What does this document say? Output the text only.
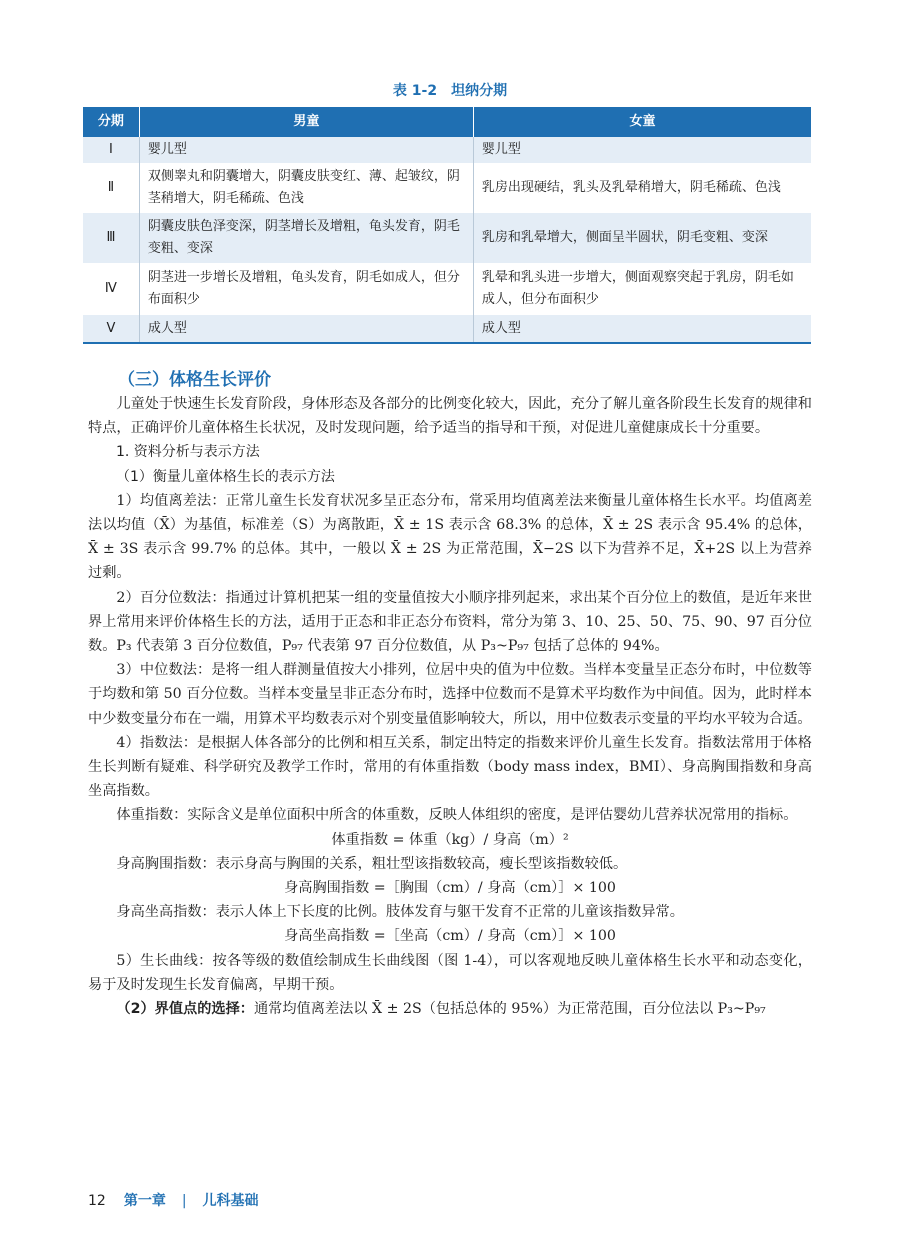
表 1-2　坦纳分期
分期	男童	女童
Ⅰ	婴儿型	婴儿型
Ⅱ	双侧睾丸和阴囊增大，阴囊皮肤变红、薄、起皱纹，阴茎稍增大，阴毛稀疏、色浅	乳房出现硬结，乳头及乳晕稍增大，阴毛稀疏、色浅
Ⅲ	阴囊皮肤色泽变深，阴茎增长及增粗，龟头发育，阴毛变粗、变深	乳房和乳晕增大，侧面呈半圆状，阴毛变粗、变深
Ⅳ	阴茎进一步增长及增粗，龟头发育，阴毛如成人，但分布面积少	乳晕和乳头进一步增大，侧面观察突起于乳房，阴毛如成人，但分布面积少
Ⅴ	成人型	成人型
（三）体格生长评价

儿童处于快速生长发育阶段，身体形态及各部分的比例变化较大，因此，充分了解儿童各阶段生长发育的规律和特点，正确评价儿童体格生长状况，及时发现问题，给予适当的指导和干预，对促进儿童健康成长十分重要。

1. 资料分析与表示方法

（1）衡量儿童体格生长的表示方法

1）均值离差法：正常儿童生长发育状况多呈正态分布，常采用均值离差法来衡量儿童体格生长水平。均值离差法以均值（X̄）为基值，标准差（S）为离散距，X̄ ± 1S 表示含 68.3% 的总体，X̄ ± 2S 表示含 95.4% 的总体，X̄ ± 3S 表示含 99.7% 的总体。其中，一般以 X̄ ± 2S 为正常范围，X̄−2S 以下为营养不足，X̄+2S 以上为营养过剩。

2）百分位数法：指通过计算机把某一组的变量值按大小顺序排列起来，求出某个百分位上的数值，是近年来世界上常用来评价体格生长的方法，适用于正态和非正态分布资料，常分为第 3、10、25、50、75、90、97 百分位数。P₃ 代表第 3 百分位数值，P₉₇ 代表第 97 百分位数值，从 P₃~P₉₇ 包括了总体的 94%。

3）中位数法：是将一组人群测量值按大小排列，位居中央的值为中位数。当样本变量呈正态分布时，中位数等于均数和第 50 百分位数。当样本变量呈非正态分布时，选择中位数而不是算术平均数作为中间值。因为，此时样本中少数变量分布在一端，用算术平均数表示对个别变量值影响较大，所以，用中位数表示变量的平均水平较为合适。

4）指数法：是根据人体各部分的比例和相互关系，制定出特定的指数来评价儿童生长发育。指数法常用于体格生长判断有疑难、科学研究及教学工作时，常用的有体重指数（body mass index，BMI）、身高胸围指数和身高坐高指数。

体重指数：实际含义是单位面积中所含的体重数，反映人体组织的密度，是评估婴幼儿营养状况常用的指标。

体重指数 = 体重（kg）/ 身高（m）²

身高胸围指数：表示身高与胸围的关系，粗壮型该指数较高，瘦长型该指数较低。

身高胸围指数 =［胸围（cm）/ 身高（cm）］× 100

身高坐高指数：表示人体上下长度的比例。肢体发育与躯干发育不正常的儿童该指数异常。

身高坐高指数 =［坐高（cm）/ 身高（cm）］× 100

5）生长曲线：按各等级的数值绘制成生长曲线图（图 1-4），可以客观地反映儿童体格生长水平和动态变化，易于及时发现生长发育偏离，早期干预。

（2）界值点的选择：通常均值离差法以 X̄ ± 2S（包括总体的 95%）为正常范围，百分位法以 P₃~P₉₇

12 第一章 | 儿科基础
